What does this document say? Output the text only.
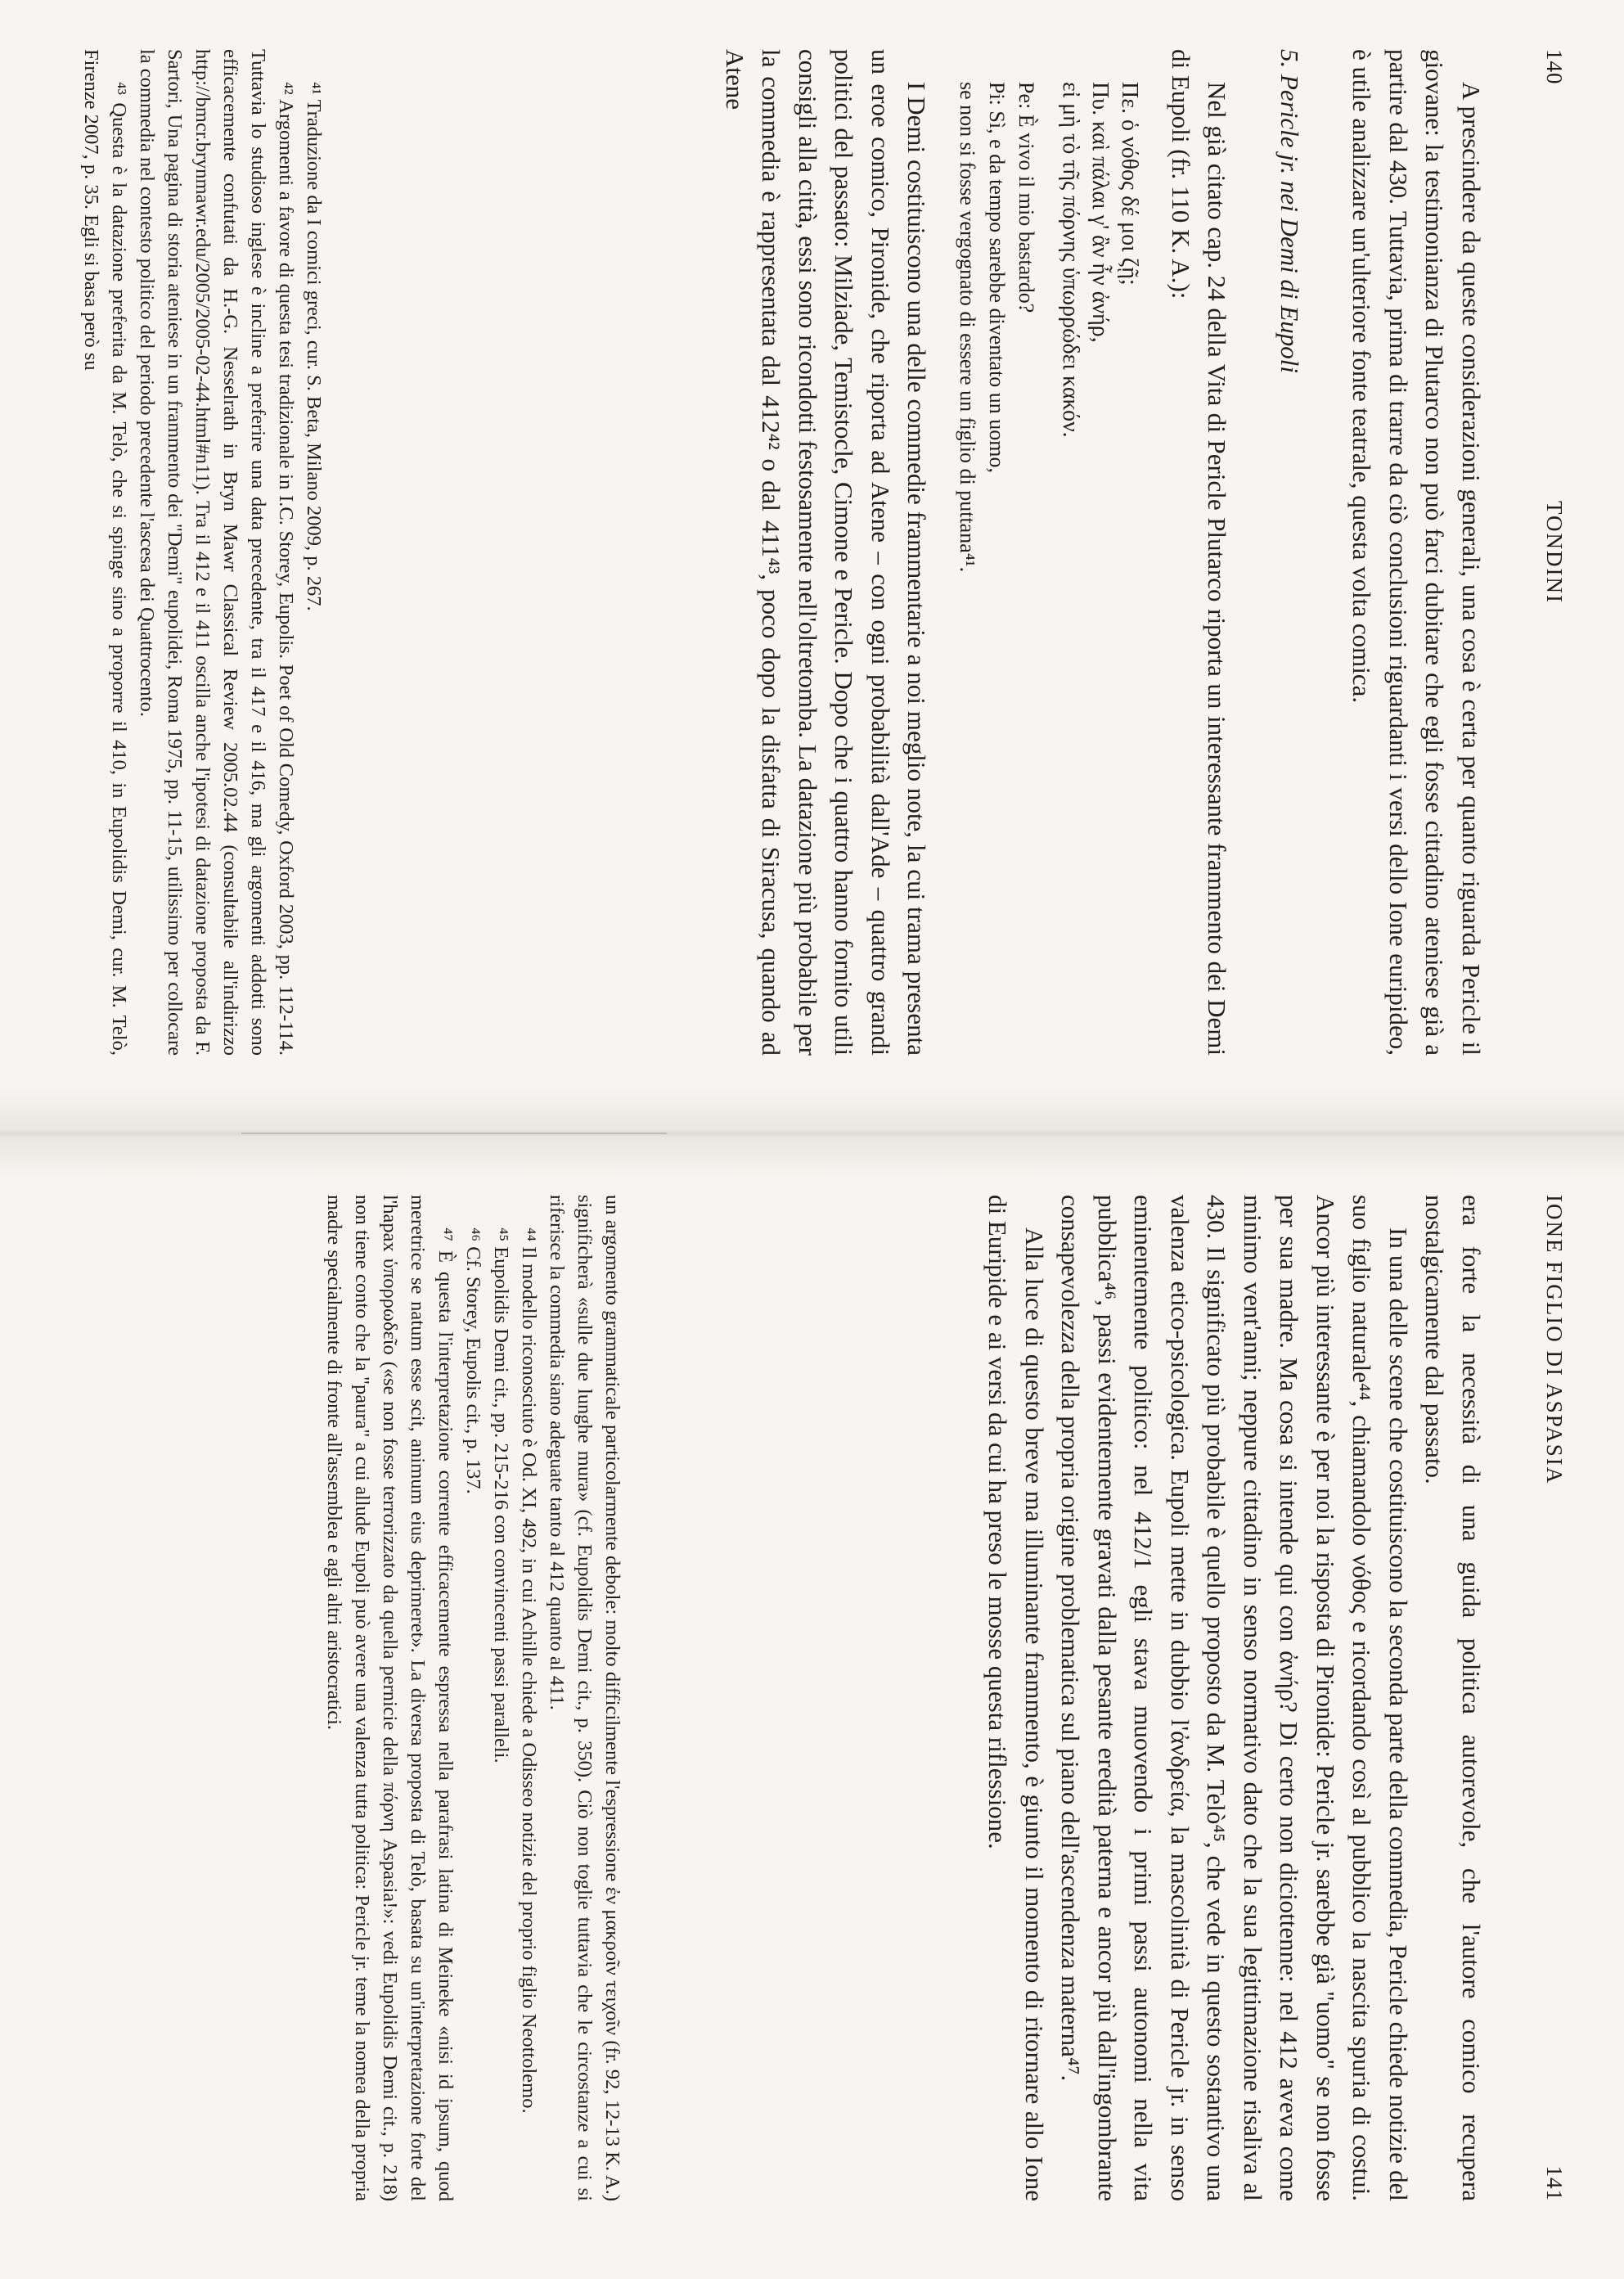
140
TONDINI

A prescindere da queste considerazioni generali, una cosa è certa per quanto riguarda Pericle il giovane: la testimonianza di Plutarco non può farci dubitare che egli fosse cittadino ateniese già a partire dal 430. Tuttavia, prima di trarre da ciò conclusioni riguardanti i versi dello Ione euripideo, è utile analizzare un'ulteriore fonte teatrale, questa volta comica.

5. Pericle jr. nei Demi di Eupoli

Nel già citato cap. 24 della Vita di Pericle Plutarco riporta un interessante frammento dei Demi di Eupoli (fr. 110 K. A.):

Πε. ὁ νόθος δέ μοι ζῇ;
Πυ. καὶ πάλαι γ' ἂν ἦν ἀνήρ,
εἰ μὴ τὸ τῆς πόρνης ὑπωρρώδει κακόν.
Pe: È vivo il mio bastardo?
Pi: Sì, e da tempo sarebbe diventato un uomo,
se non si fosse vergognato di essere un figlio di puttana⁴¹.

I Demi costituiscono una delle commedie frammentarie a noi meglio note, la cui trama presenta un eroe comico, Pironide, che riporta ad Atene – con ogni probabilità dall'Ade – quattro grandi politici del passato: Milziade, Temistocle, Cimone e Pericle. Dopo che i quattro hanno fornito utili consigli alla città, essi sono ricondotti festosamente nell'oltretomba. La datazione più probabile per la commedia è rappresentata dal 412⁴² o dal 411⁴³, poco dopo la disfatta di Siracusa, quando ad Atene

⁴¹ Traduzione da I comici greci, cur. S. Beta, Milano 2009, p. 267.

⁴² Argomenti a favore di questa tesi tradizionale in I.C. Storey, Eupolis. Poet of Old Comedy, Oxford 2003, pp. 112-114. Tuttavia lo studioso inglese è incline a preferire una data precedente, tra il 417 e il 416, ma gli argomenti addotti sono efficacemente confutati da H.-G. Nesselrath in Bryn Mawr Classical Review 2005.02.44 (consultabile all'indirizzo http://bmcr.brynmawr.edu/2005/2005-02-44.html#n11). Tra il 412 e il 411 oscilla anche l'ipotesi di datazione proposta da F. Sartori, Una pagina di storia ateniese in un frammento dei "Demi" eupolidei, Roma 1975, pp. 11-15, utilissimo per collocare la commedia nel contesto politico del periodo precedente l'ascesa dei Quattrocento.

⁴³ Questa è la datazione preferita da M. Telò, che si spinge sino a proporre il 410, in Eupolidis Demi, cur. M. Telò, Firenze 2007, p. 35. Egli si basa però su

IONE FIGLIO DI ASPASIA
141

era forte la necessità di una guida politica autorevole, che l'autore comico recupera nostalgicamente dal passato.

In una delle scene che costituiscono la seconda parte della commedia, Pericle chiede notizie del suo figlio naturale⁴⁴, chiamandolo νόθος e ricordando così al pubblico la nascita spuria di costui. Ancor più interessante è per noi la risposta di Pironide: Pericle jr. sarebbe già "uomo" se non fosse per sua madre. Ma cosa si intende qui con ἀνήρ? Di certo non diciottenne: nel 412 aveva come minimo vent'anni; neppure cittadino in senso normativo dato che la sua legittimazione risaliva al 430. Il significato più probabile è quello proposto da M. Telò⁴⁵, che vede in questo sostantivo una valenza etico-psicologica. Eupoli mette in dubbio l'ἀνδρεία, la mascolinità di Pericle jr. in senso eminentemente politico: nel 412/1 egli stava muovendo i primi passi autonomi nella vita pubblica⁴⁶, passi evidentemente gravati dalla pesante eredità paterna e ancor più dall'ingombrante consapevolezza della propria origine problematica sul piano dell'ascendenza materna⁴⁷.

Alla luce di questo breve ma illuminante frammento, è giunto il momento di ritornare allo Ione di Euripide e ai versi da cui ha preso le mosse questa riflessione.

un argomento grammaticale particolarmente debole: molto difficilmente l'espressione ἐν μακροῖν τειχοῖν (fr. 92, 12-13 K. A.) significherà «sulle due lunghe mura» (cf. Eupolidis Demi cit., p. 350). Ciò non toglie tuttavia che le circostanze a cui si riferisce la commedia siano adeguate tanto al 412 quanto al 411.

⁴⁴ Il modello riconosciuto è Od. XI, 492, in cui Achille chiede a Odisseo notizie del proprio figlio Neottolemo.

⁴⁵ Eupolidis Demi cit., pp. 215-216 con convincenti passi paralleli.

⁴⁶ Cf. Storey, Eupolis cit., p. 137.

⁴⁷ È questa l'interpretazione corrente efficacemente espressa nella parafrasi latina di Meineke «nisi id ipsum, quod meretrice se natum esse scit, animum eius deprimeret». La diversa proposta di Telò, basata su un'interpretazione forte del l'hapax ὑπορρωδεῖο («se non fosse terrorizzato da quella pernicie della πόρνη Aspasia!»: vedi Eupolidis Demi cit., p. 218) non tiene conto che la "paura" a cui allude Eupoli può avere una valenza tutta politica: Pericle jr. teme la nomea della propria madre specialmente di fronte all'assemblea e agli altri aristocratici.
